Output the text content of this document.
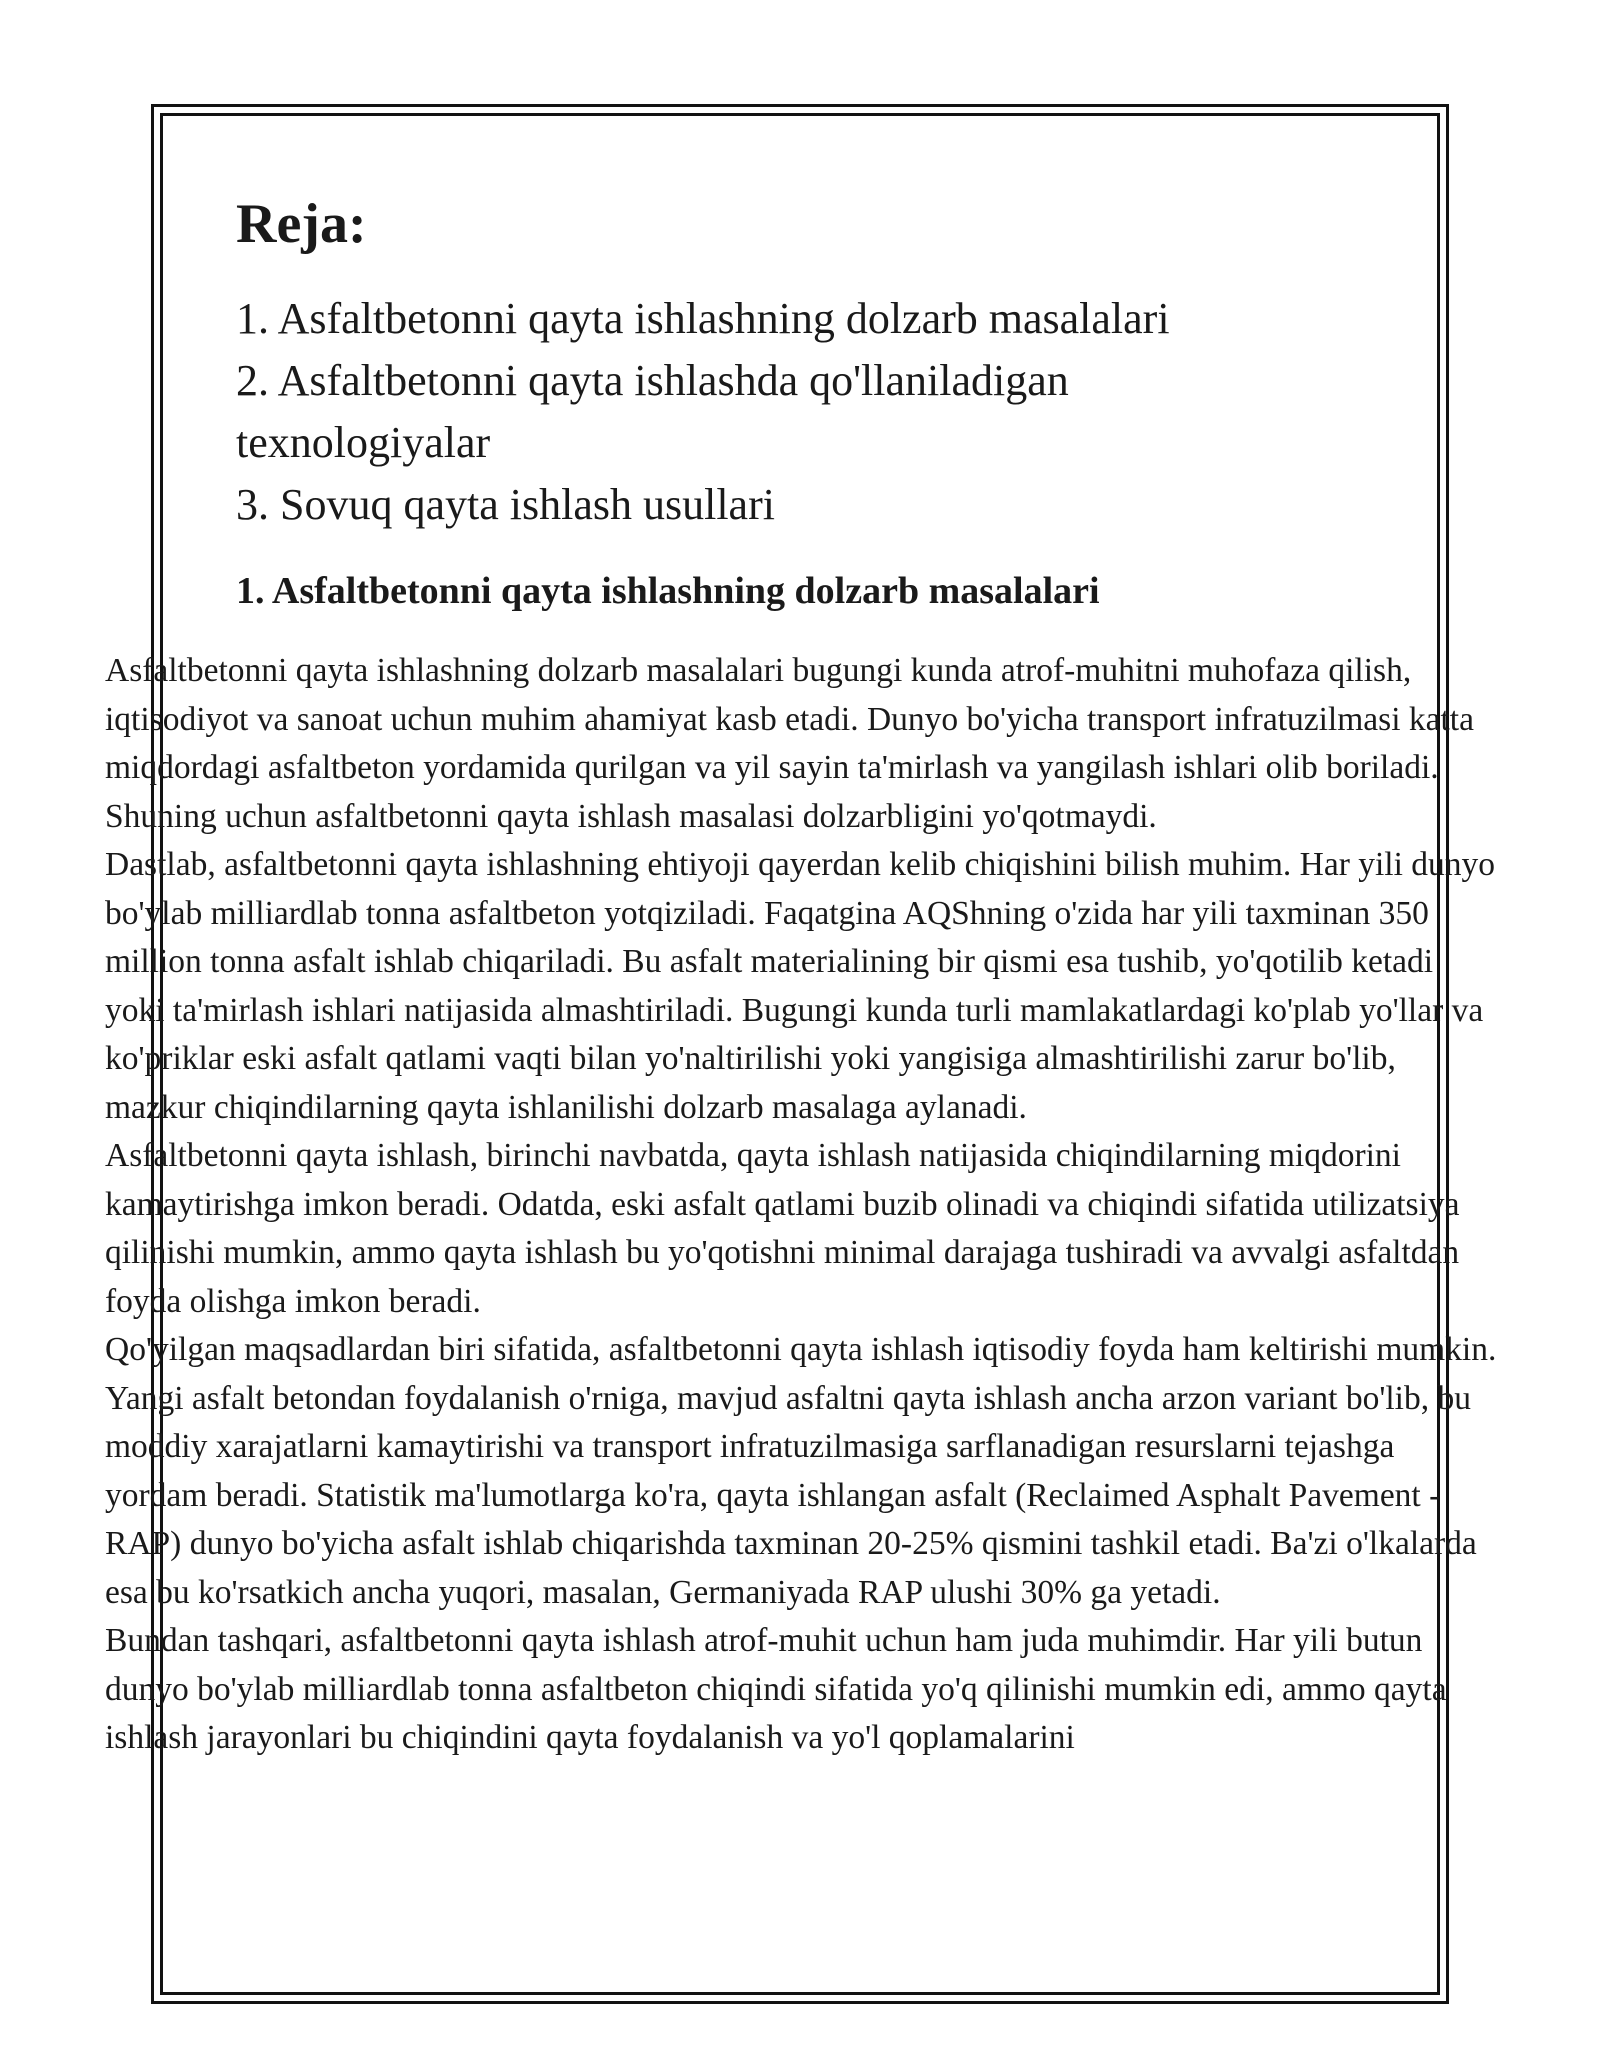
Reja:
1. Asfaltbetonni qayta ishlashning dolzarb masalalari
2. Asfaltbetonni qayta ishlashda qo'llaniladigan texnologiyalar
3. Sovuq qayta ishlash usullari
1. Asfaltbetonni qayta ishlashning dolzarb masalalari

Asfaltbetonni qayta ishlashning dolzarb masalalari bugungi kunda atrof-muhitni muhofaza qilish, iqtisodiyot va sanoat uchun muhim ahamiyat kasb etadi. Dunyo bo'yicha transport infratuzilmasi katta miqdordagi asfaltbeton yordamida qurilgan va yil sayin ta'mirlash va yangilash ishlari olib boriladi. Shuning uchun asfaltbetonni qayta ishlash masalasi dolzarbligini yo'qotmaydi.

Dastlab, asfaltbetonni qayta ishlashning ehtiyoji qayerdan kelib chiqishini bilish muhim. Har yili dunyo bo'ylab milliardlab tonna asfaltbeton yotqiziladi. Faqatgina AQShning o'zida har yili taxminan 350 million tonna asfalt ishlab chiqariladi. Bu asfalt materialining bir qismi esa tushib, yo'qotilib ketadi yoki ta'mirlash ishlari natijasida almashtiriladi. Bugungi kunda turli mamlakatlardagi ko'plab yo'llar va ko'priklar eski asfalt qatlami vaqti bilan yo'naltirilishi yoki yangisiga almashtirilishi zarur bo'lib, mazkur chiqindilarning qayta ishlanilishi dolzarb masalaga aylanadi.

Asfaltbetonni qayta ishlash, birinchi navbatda, qayta ishlash natijasida chiqindilarning miqdorini kamaytirishga imkon beradi. Odatda, eski asfalt qatlami buzib olinadi va chiqindi sifatida utilizatsiya qilinishi mumkin, ammo qayta ishlash bu yo'qotishni minimal darajaga tushiradi va avvalgi asfaltdan foyda olishga imkon beradi.

Qo'yilgan maqsadlardan biri sifatida, asfaltbetonni qayta ishlash iqtisodiy foyda ham keltirishi mumkin. Yangi asfalt betondan foydalanish o'rniga, mavjud asfaltni qayta ishlash ancha arzon variant bo'lib, bu moddiy xarajatlarni kamaytirishi va transport infratuzilmasiga sarflanadigan resurslarni tejashga yordam beradi. Statistik ma'lumotlarga ko'ra, qayta ishlangan asfalt (Reclaimed Asphalt Pavement - RAP) dunyo bo'yicha asfalt ishlab chiqarishda taxminan 20-25% qismini tashkil etadi. Ba'zi o'lkalarda esa bu ko'rsatkich ancha yuqori, masalan, Germaniyada RAP ulushi 30% ga yetadi.

Bundan tashqari, asfaltbetonni qayta ishlash atrof-muhit uchun ham juda muhimdir. Har yili butun dunyo bo'ylab milliardlab tonna asfaltbeton chiqindi sifatida yo'q qilinishi mumkin edi, ammo qayta ishlash jarayonlari bu chiqindini qayta foydalanish va yo'l qoplamalarini
